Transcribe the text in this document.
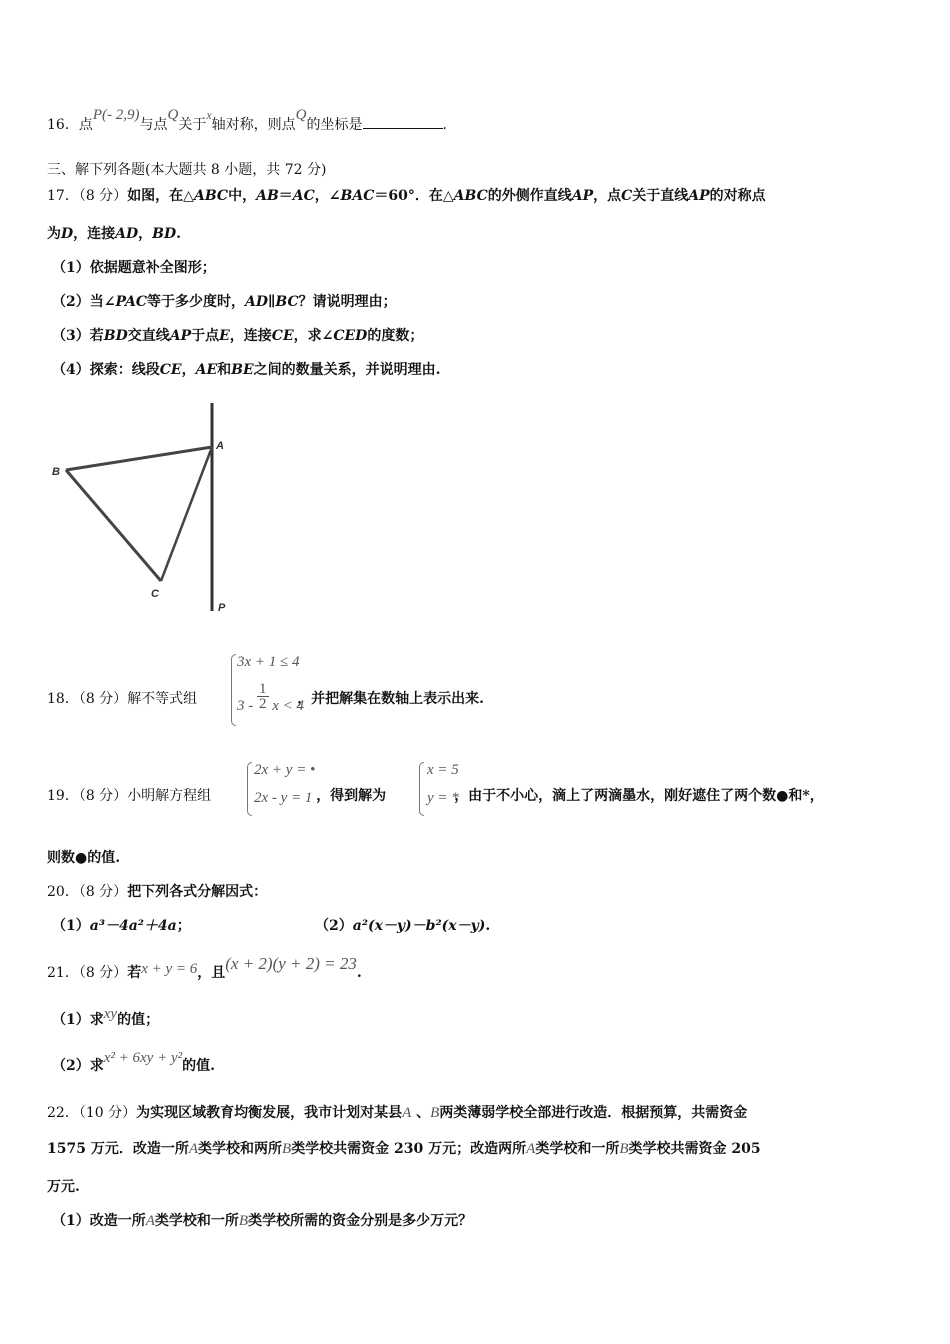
16．点P(- 2,9)与点Q关于x轴对称，则点Q的坐标是	.
三、解下列各题(本大题共 8 小题，共 72 分)
17．（8 分）如图，在△ABC中，AB＝AC，∠BAC＝60°．在△ABC的外侧作直线AP，点C关于直线AP的对称点
为D，连接AD，BD.
（1）依据题意补全图形；
（2）当∠PAC等于多少度时，AD∥BC？请说明理由；
（3）若BD交直线AP于点E，连接CE，求∠CED的度数；
（4）探索：线段CE，AE和BE之间的数量关系，并说明理由.
A
B
C
P
18．（8 分）解不等式组	，并把解集在数轴上表示出来.
3x + 1 ≤ 4
$3 - \frac{1}{2}$ x < 4
19．（8 分）小明解方程组	，得到解为	，由于不小心，滴上了两滴墨水，刚好遮住了两个数●和*，
2x + y = •
2x - y = 1
x = 5
y = *
则数●的值.
20．（8 分）把下列各式分解因式：
（1）a³－4a²＋4a；	（2）a²(x－y)－b²(x－y).
21．（8 分）若x + y = 6，且(x + 2)(y + 2) = 23.
（1）求xy的值；
（2）求x² + 6xy + y²的值.
22．（10 分）为实现区域教育均衡发展，我市计划对某县A 、B两类薄弱学校全部进行改造．根据预算，共需资金
1575 万元．改造一所A类学校和两所B类学校共需资金 230 万元；改造两所A类学校和一所B类学校共需资金 205
万元.
（1）改造一所A类学校和一所B类学校所需的资金分别是多少万元？
